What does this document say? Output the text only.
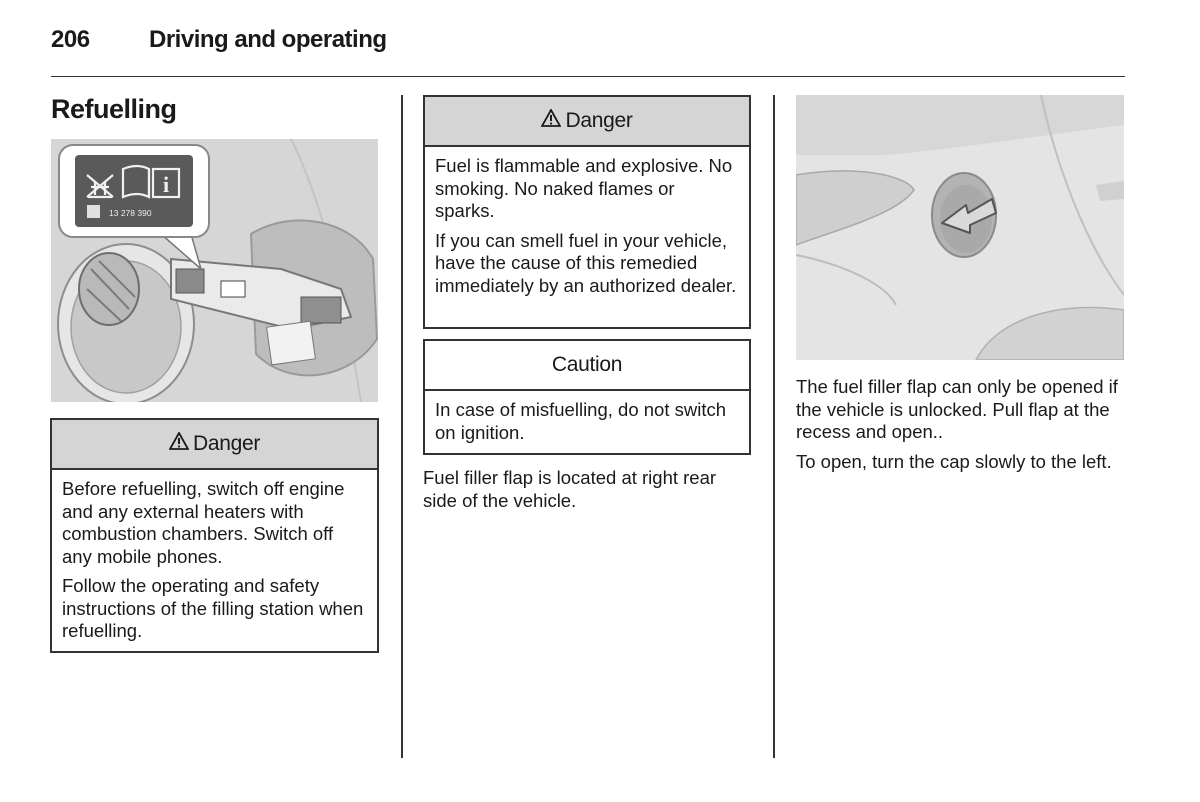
206 Driving and operating
Refuelling
i
13 278 390
Danger

Before refuelling, switch off engine and any external heaters with combustion chambers. Switch off any mobile phones.

Follow the operating and safety instructions of the filling station when refuelling.

Danger

Fuel is flammable and explosive. No smoking. No naked flames or sparks.

If you can smell fuel in your vehicle, have the cause of this remedied immediately by an authorized dealer.

Caution

In case of misfuelling, do not switch on ignition.

Fuel filler flap is located at right rear side of the vehicle.

The fuel filler flap can only be opened if the vehicle is unlocked. Pull flap at the recess and open..

To open, turn the cap slowly to the left.
